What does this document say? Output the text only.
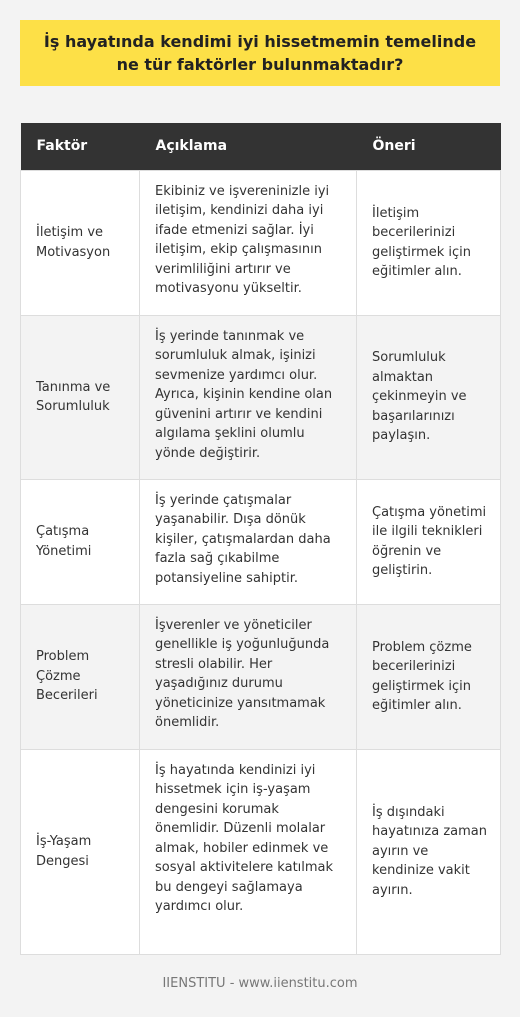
İş hayatında kendimi iyi hissetmemin temelinde ne tür faktörler bulunmaktadır?
Faktör	Açıklama	Öneri
İletişim ve Motivasyon	Ekibiniz ve işvereninizle iyi iletişim, kendinizi daha iyi ifade etmenizi sağlar. İyi iletişim, ekip çalışmasının verimliliğini artırır ve motivasyonu yükseltir.	İletişim becerilerinizi geliştirmek için eğitimler alın.
Tanınma ve Sorumluluk	İş yerinde tanınmak ve sorumluluk almak, işinizi sevmenize yardımcı olur. Ayrıca, kişinin kendine olan güvenini artırır ve kendini algılama şeklini olumlu yönde değiştirir.	Sorumluluk almaktan çekinmeyin ve başarılarınızı paylaşın.
Çatışma Yönetimi	İş yerinde çatışmalar yaşanabilir. Dışa dönük kişiler, çatışmalardan daha fazla sağ çıkabilme potansiyeline sahiptir.	Çatışma yönetimi ile ilgili teknikleri öğrenin ve geliştirin.
Problem Çözme Becerileri	İşverenler ve yöneticiler genellikle iş yoğunluğunda stresli olabilir. Her yaşadığınız durumu yöneticinize yansıtmamak önemlidir.	Problem çözme becerilerinizi geliştirmek için eğitimler alın.
İş-Yaşam Dengesi	İş hayatında kendinizi iyi hissetmek için iş-yaşam dengesini korumak önemlidir. Düzenli molalar almak, hobiler edinmek ve sosyal aktivitelere katılmak bu dengeyi sağlamaya yardımcı olur.	İş dışındaki hayatınıza zaman ayırın ve kendinize vakit ayırın.
IIENSTITU - www.iienstitu.com
